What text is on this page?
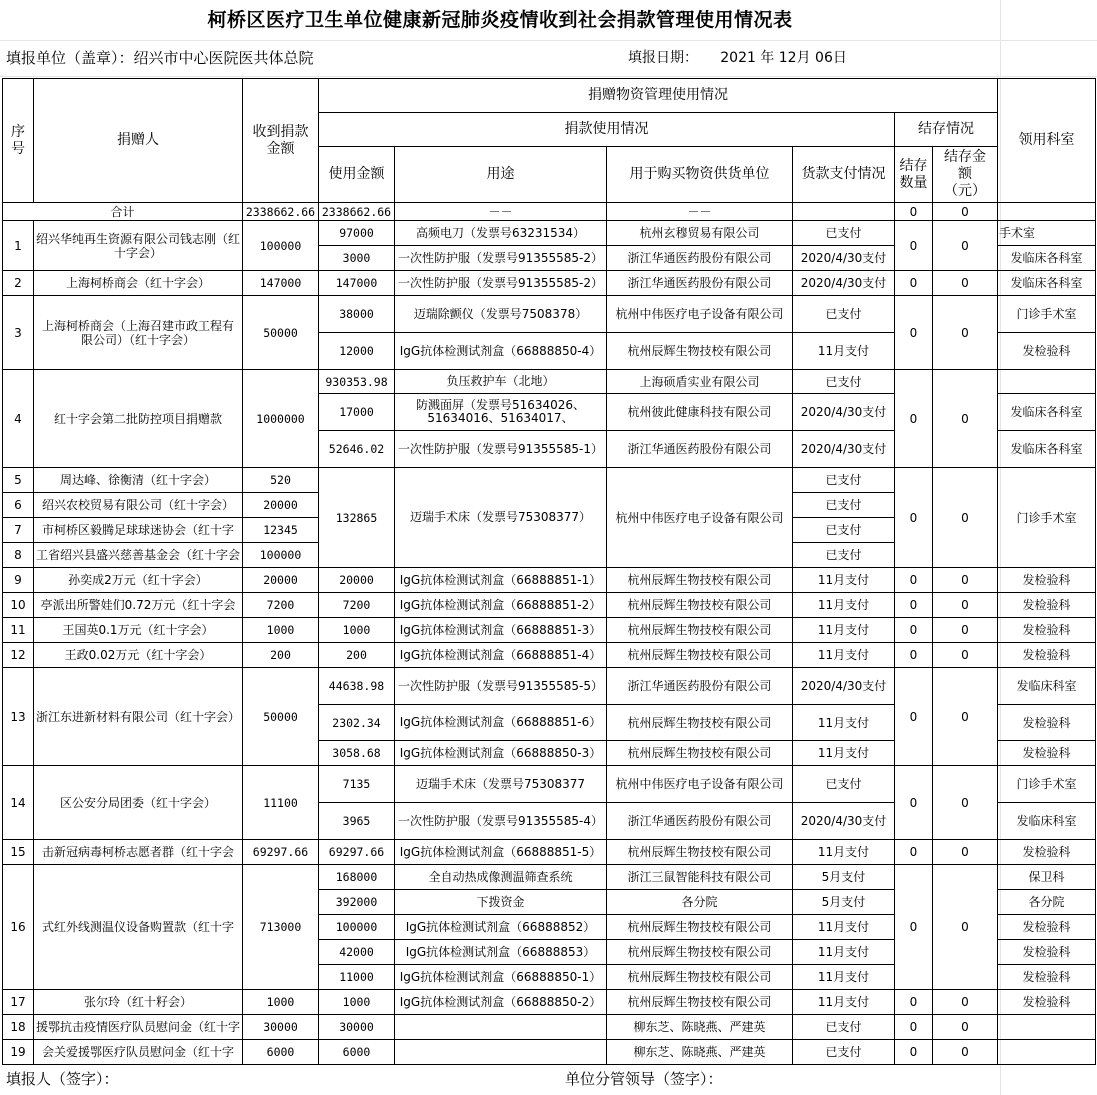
柯桥区医疗卫生单位健康新冠肺炎疫情收到社会捐款管理使用情况表
填报单位（盖章）：绍兴市中心医院医共体总院	填报日期：     2021 年 12月 06日
序号	捐赠人	收到捐款金额	捐赠物资管理使用情况						领用科室
			捐款使用情况				结存情况		
			使用金额	用途	用于购买物资供货单位	货款支付情况	结存数量	结存金额（元）	
合计		2338662.66	2338662.66	－－	－－		0	0	
1	绍兴华纯再生资源有限公司钱志刚（红十字会）	100000	97000	高频电刀（发票号63231534）	杭州玄穆贸易有限公司	已支付	0	0	手术室
			3000	一次性防护服（发票号91355585-2）	浙江华通医药股份有限公司	2020/4/30支付			发临床各科室
2	上海柯桥商会（红十字会）	147000	147000	一次性防护服（发票号91355585-2）	浙江华通医药股份有限公司	2020/4/30支付	0	0	发临床各科室
3	上海柯桥商会（上海召建市政工程有限公司）（红十字会）	50000	38000	迈瑞除颤仪（发票号7508378）	杭州中伟医疗电子设备有限公司	已支付	0	0	门诊手术室
			12000	IgG抗体检测试剂盒（66888850-4）	杭州辰辉生物技校有限公司	11月支付			发检验科
4	红十字会第二批防控项目捐赠款	1000000	930353.98	负压救护车（北地）	上海硕盾实业有限公司	已支付	0	0	
			17000	防溅面屏（发票号51634026、51634016、51634017、	杭州彼此健康科技有限公司	2020/4/30支付			发临床各科室
			52646.02	一次性防护服（发票号91355585-1）	浙江华通医药股份有限公司	2020/4/30支付			发临床各科室
5	周达峰、徐衡清（红十字会）	520	132865	迈瑞手术床（发票号75308377）	杭州中伟医疗电子设备有限公司	已支付	0	0	门诊手术室
6	绍兴农校贸易有限公司（红十字会）	20000				已支付			
7	市柯桥区毅腾足球球迷协会（红十字	12345				已支付			
8	工省绍兴县盛兴慈善基金会（红十字会	100000				已支付			
9	孙奕成2万元（红十字会）	20000	20000	IgG抗体检测试剂盒（66888851-1）	杭州辰辉生物技校有限公司	11月支付	0	0	发检验科
10	亭派出所警娃们0.72万元（红十字会	7200	7200	IgG抗体检测试剂盒（66888851-2）	杭州辰辉生物技校有限公司	11月支付	0	0	发检验科
11	王国英0.1万元（红十字会）	1000	1000	IgG抗体检测试剂盒（66888851-3）	杭州辰辉生物技校有限公司	11月支付	0	0	发检验科
12	王政0.02万元（红十字会）	200	200	IgG抗体检测试剂盒（66888851-4）	杭州辰辉生物技校有限公司	11月支付	0	0	发检验科
13	浙江东进新材料有限公司（红十字会）	50000	44638.98	一次性防护服（发票号91355585-5）	浙江华通医药股份有限公司	2020/4/30支付	0	0	发临床科室
			2302.34	IgG抗体检测试剂盒（66888851-6）	杭州辰辉生物技校有限公司	11月支付			发检验科
			3058.68	IgG抗体检测试剂盒（66888850-3）	杭州辰辉生物技校有限公司	11月支付			发检验科
14	区公安分局团委（红十字会）	11100	7135	迈瑞手术床（发票号75308377	杭州中伟医疗电子设备有限公司	已支付	0	0	门诊手术室
			3965	一次性防护服（发票号91355585-4）	浙江华通医药股份有限公司	2020/4/30支付			发临床科室
15	击新冠病毒柯桥志愿者群（红十字会	69297.66	69297.66	IgG抗体检测试剂盒（66888851-5）	杭州辰辉生物技校有限公司	11月支付	0	0	发检验科
16	式红外线测温仪设备购置款（红十字	713000	168000	全自动热成像测温筛查系统	浙江三鼠智能科技有限公司	5月支付	0	0	保卫科
			392000	下拨资金	各分院	5月支付			各分院
			100000	IgG抗体检测试剂盒（66888852）	杭州辰辉生物技校有限公司	11月支付			发检验科
			42000	IgG抗体检测试剂盒（66888853）	杭州辰辉生物技校有限公司	11月支付			发检验科
			11000	IgG抗体检测试剂盒（66888850-1）	杭州辰辉生物技校有限公司	11月支付			发检验科
17	张尔玲（红十籽会）	1000	1000	IgG抗体检测试剂盒（66888850-2）	杭州辰辉生物技校有限公司	11月支付	0	0	发检验科
18	援鄂抗击疫情医疗队员慰问金（红十字	30000	30000		柳东芝、陈晓燕、严建英	已支付	0	0	
19	会关爱援鄂医疗队员慰问金（红十字	6000	6000		柳东芝、陈晓燕、严建英	已支付	0	0	
填报人（签字）：	单位分管领导（签字）：
